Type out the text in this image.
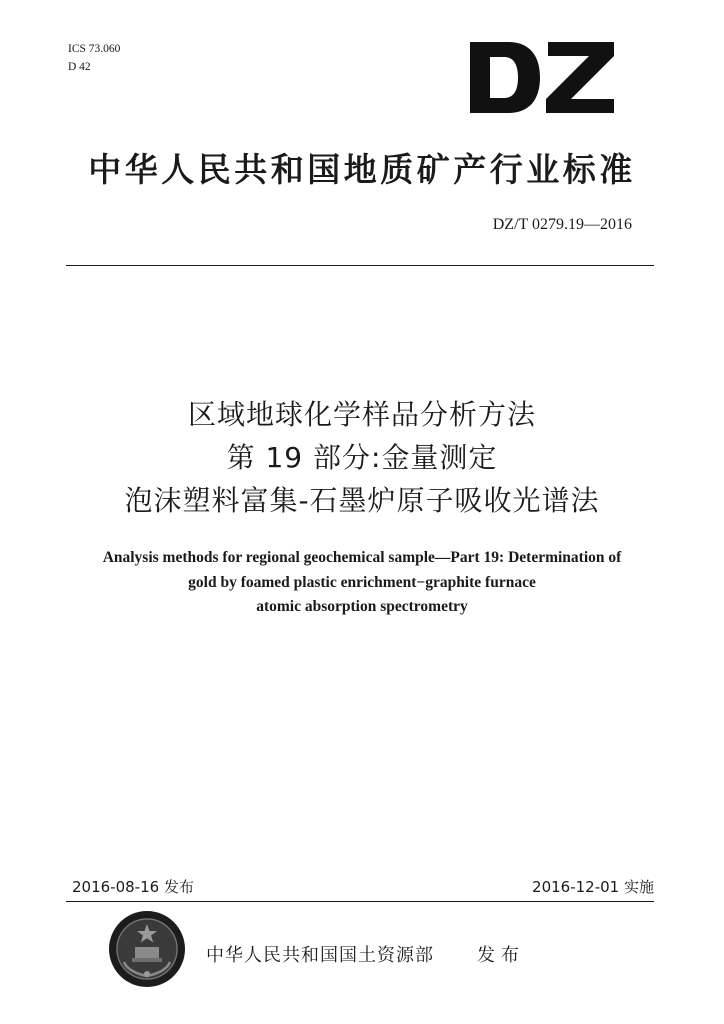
ICS 73.060
D 42
DZ
中华人民共和国地质矿产行业标准
DZ/T 0279.19—2016
区域地球化学样品分析方法
第 19 部分:金量测定
泡沫塑料富集-石墨炉原子吸收光谱法
Analysis methods for regional geochemical sample—Part 19: Determination of
gold by foamed plastic enrichment−graphite furnace
atomic absorption spectrometry
2016-08-16 发布	2016-12-01 实施
中华人民共和国国土资源部 发布
